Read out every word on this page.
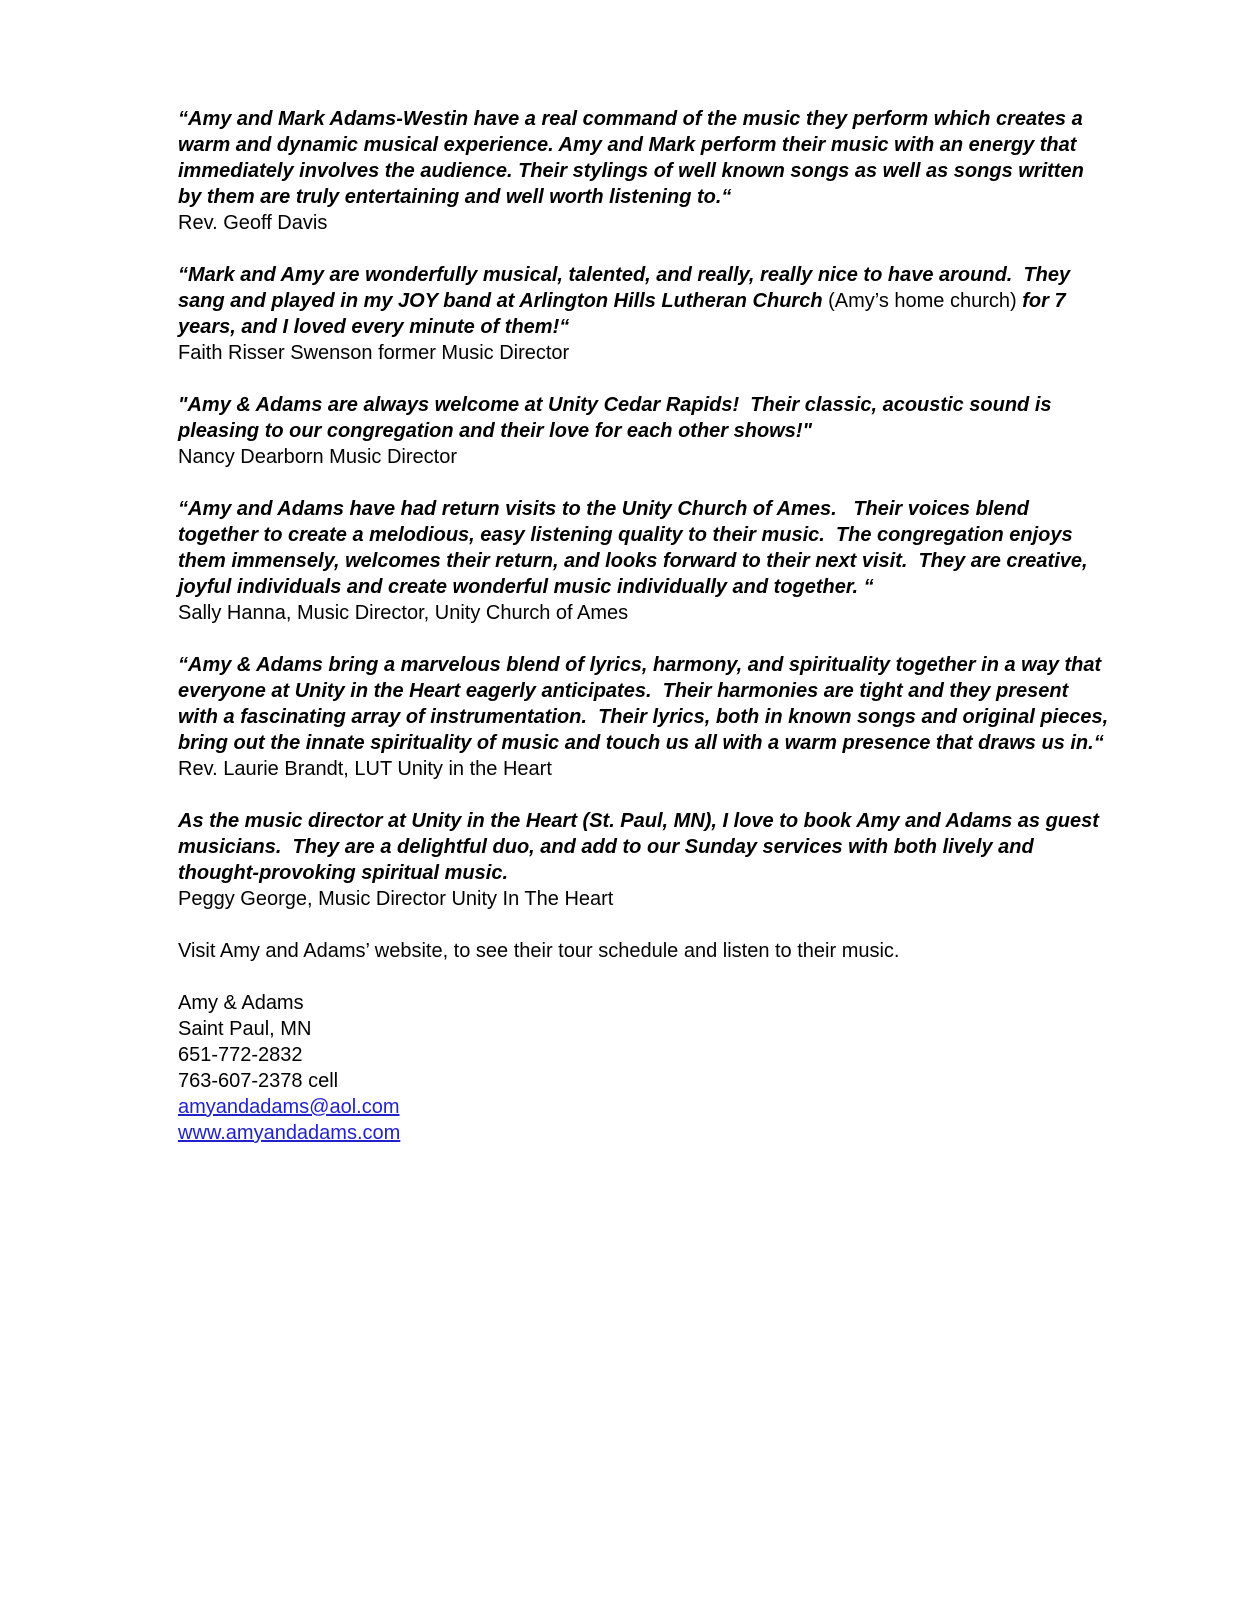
“Amy and Mark Adams-Westin have a real command of the music they perform which creates a warm and dynamic musical experience. Amy and Mark perform their music with an energy that immediately involves the audience. Their stylings of well known songs as well as songs written by them are truly entertaining and well worth listening to.“

Rev. Geoff Davis

“Mark and Amy are wonderfully musical, talented, and really, really nice to have around.  They sang and played in my JOY band at Arlington Hills Lutheran Church (Amy’s home church) for 7 years, and I loved every minute of them!“

Faith Risser Swenson former Music Director

"Amy & Adams are always welcome at Unity Cedar Rapids!  Their classic, acoustic sound is pleasing to our congregation and their love for each other shows!"

Nancy Dearborn Music Director

“Amy and Adams have had return visits to the Unity Church of Ames.   Their voices blend together to create a melodious, easy listening quality to their music.  The congregation enjoys them immensely, welcomes their return, and looks forward to their next visit.  They are creative, joyful individuals and create wonderful music individually and together. “

Sally Hanna, Music Director, Unity Church of Ames

“Amy & Adams bring a marvelous blend of lyrics, harmony, and spirituality together in a way that everyone at Unity in the Heart eagerly anticipates.  Their harmonies are tight and they present with a fascinating array of instrumentation.  Their lyrics, both in known songs and original pieces, bring out the innate spirituality of music and touch us all with a warm presence that draws us in.“

Rev. Laurie Brandt, LUT Unity in the Heart

As the music director at Unity in the Heart (St. Paul, MN), I love to book Amy and Adams as guest musicians.  They are a delightful duo, and add to our Sunday services with both lively and thought-provoking spiritual music.

Peggy George, Music Director Unity In The Heart

Visit Amy and Adams’ website, to see their tour schedule and listen to their music.

Amy & Adams
Saint Paul, MN
651-772-2832
763-607-2378 cell
amyandadams@aol.com
www.amyandadams.com
